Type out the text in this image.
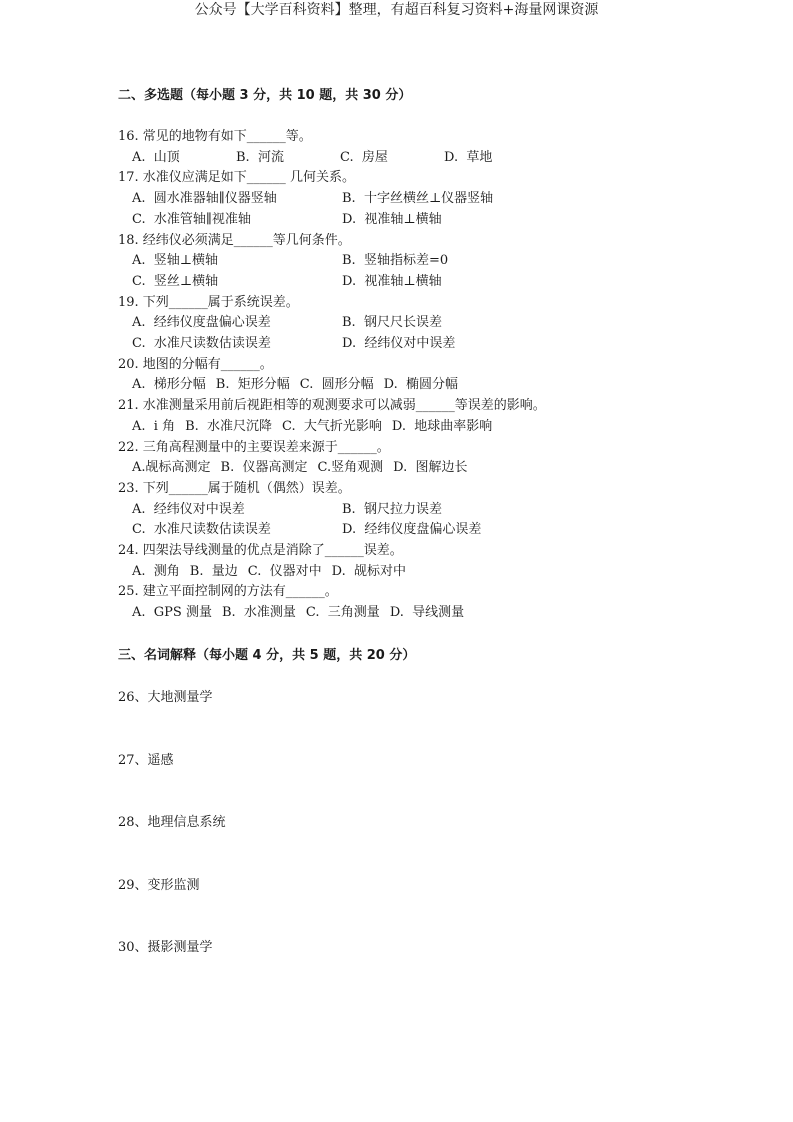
公众号【大学百科资料】整理，有超百科复习资料+海量网课资源
二、多选题（每小题 3 分，共 10 题，共 30 分）
16. 常见的地物有如下______等。
A.  山顶	B.  河流	C.  房屋	D.  草地
17. 水准仪应满足如下______ 几何关系。
A.  圆水准器轴∥仪器竖轴	B.  十字丝横丝⊥仪器竖轴
C.  水准管轴∥视准轴	D.  视准轴⊥横轴
18. 经纬仪必须满足______等几何条件。
A.  竖轴⊥横轴	B.  竖轴指标差=0
C.  竖丝⊥横轴	D.  视准轴⊥横轴
19. 下列______属于系统误差。
A.  经纬仪度盘偏心误差	B.  钢尺尺长误差
C.  水准尺读数估读误差	D.  经纬仪对中误差
20. 地图的分幅有______。
A.  梯形分幅 B.  矩形分幅 C.  圆形分幅 D.  椭圆分幅
21. 水准测量采用前后视距相等的观测要求可以减弱______等误差的影响。
A.  i 角 B.  水准尺沉降 C.  大气折光影响 D.  地球曲率影响
22. 三角高程测量中的主要误差来源于______。
A.觇标高测定 B.  仪器高测定 C.竖角观测 D.  图解边长
23. 下列______属于随机（偶然）误差。
A.  经纬仪对中误差	B.  钢尺拉力误差
C.  水准尺读数估读误差	D.  经纬仪度盘偏心误差
24. 四架法导线测量的优点是消除了______误差。
A.  测角 B.  量边 C.  仪器对中 D.  觇标对中
25. 建立平面控制网的方法有______。
A.  GPS 测量 B.  水准测量 C.  三角测量 D.  导线测量
三、名词解释（每小题 4 分，共 5 题，共 20 分）
26、大地测量学
27、遥感
28、地理信息系统
29、变形监测
30、摄影测量学
